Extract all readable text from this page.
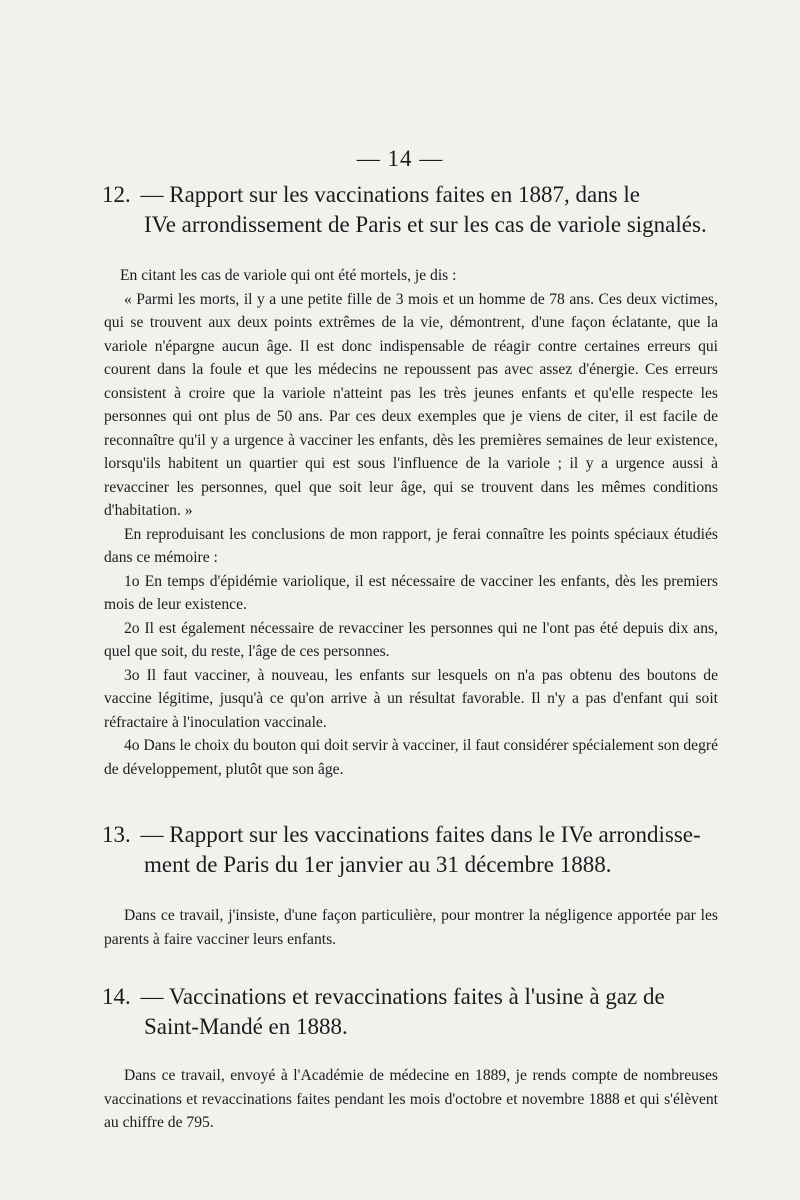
— 14 —
12. — Rapport sur les vaccinations faites en 1887, dans le
IVe arrondissement de Paris et sur les cas de variole signalés.

En citant les cas de variole qui ont été mortels, je dis :

« Parmi les morts, il y a une petite fille de 3 mois et un homme de 78 ans. Ces deux victimes, qui se trouvent aux deux points extrêmes de la vie, démontrent, d'une façon éclatante, que la variole n'épargne aucun âge. Il est donc indispensable de réagir contre certaines erreurs qui courent dans la foule et que les médecins ne repoussent pas avec assez d'énergie. Ces erreurs consistent à croire que la variole n'atteint pas les très jeunes enfants et qu'elle respecte les personnes qui ont plus de 50 ans. Par ces deux exemples que je viens de citer, il est facile de reconnaître qu'il y a urgence à vacciner les enfants, dès les premières semaines de leur existence, lorsqu'ils habitent un quartier qui est sous l'influence de la variole ; il y a urgence aussi à revacciner les personnes, quel que soit leur âge, qui se trouvent dans les mêmes conditions d'habitation. »

En reproduisant les conclusions de mon rapport, je ferai connaître les points spéciaux étudiés dans ce mémoire :

1o En temps d'épidémie variolique, il est nécessaire de vacciner les enfants, dès les premiers mois de leur existence.

2o Il est également nécessaire de revacciner les personnes qui ne l'ont pas été depuis dix ans, quel que soit, du reste, l'âge de ces personnes.

3o Il faut vacciner, à nouveau, les enfants sur lesquels on n'a pas obtenu des boutons de vaccine légitime, jusqu'à ce qu'on arrive à un résultat favorable. Il n'y a pas d'enfant qui soit réfractaire à l'inoculation vaccinale.

4o Dans le choix du bouton qui doit servir à vacciner, il faut considérer spécialement son degré de développement, plutôt que son âge.

13. — Rapport sur les vaccinations faites dans le IVe arrondisse-
ment de Paris du 1er janvier au 31 décembre 1888.

Dans ce travail, j'insiste, d'une façon particulière, pour montrer la négligence apportée par les parents à faire vacciner leurs enfants.

14. — Vaccinations et revaccinations faites à l'usine à gaz de
Saint-Mandé en 1888.

Dans ce travail, envoyé à l'Académie de médecine en 1889, je rends compte de nombreuses vaccinations et revaccinations faites pendant les mois d'octobre et novembre 1888 et qui s'élèvent au chiffre de 795.
